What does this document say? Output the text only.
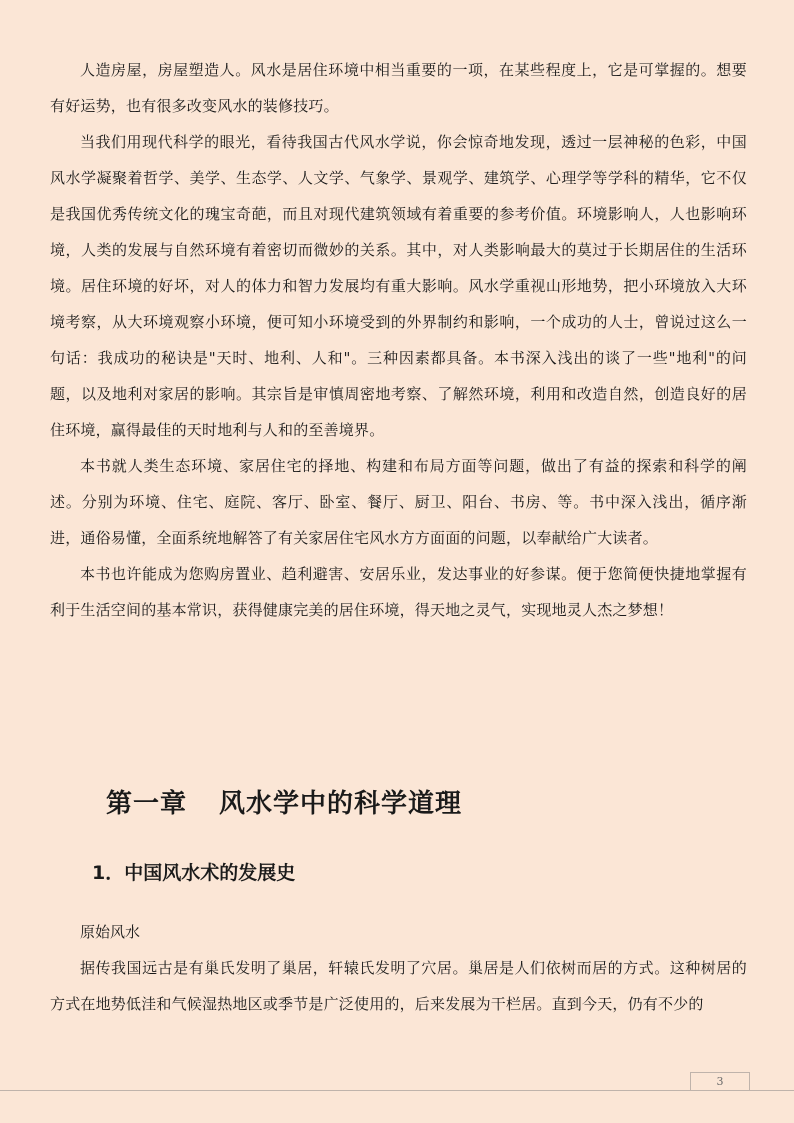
人造房屋，房屋塑造人。风水是居住环境中相当重要的一项，在某些程度上，它是可掌握的。想要有好运势，也有很多改变风水的装修技巧。

当我们用现代科学的眼光，看待我国古代风水学说，你会惊奇地发现，透过一层神秘的色彩，中国风水学凝聚着哲学、美学、生态学、人文学、气象学、景观学、建筑学、心理学等学科的精华，它不仅是我国优秀传统文化的瑰宝奇葩，而且对现代建筑领域有着重要的参考价值。环境影响人，人也影响环境，人类的发展与自然环境有着密切而微妙的关系。其中，对人类影响最大的莫过于长期居住的生活环境。居住环境的好坏，对人的体力和智力发展均有重大影响。风水学重视山形地势，把小环境放入大环境考察，从大环境观察小环境，便可知小环境受到的外界制约和影响，一个成功的人士，曾说过这么一句话：我成功的秘诀是"天时、地利、人和"。三种因素都具备。本书深入浅出的谈了一些"地利"的问题，以及地利对家居的影响。其宗旨是审慎周密地考察、了解然环境，利用和改造自然，创造良好的居住环境，赢得最佳的天时地利与人和的至善境界。

本书就人类生态环境、家居住宅的择地、构建和布局方面等问题，做出了有益的探索和科学的阐述。分别为环境、住宅、庭院、客厅、卧室、餐厅、厨卫、阳台、书房、等。书中深入浅出，循序渐进，通俗易懂，全面系统地解答了有关家居住宅风水方方面面的问题，以奉献给广大读者。

本书也许能成为您购房置业、趋利避害、安居乐业，发达事业的好参谋。便于您简便快捷地掌握有利于生活空间的基本常识，获得健康完美的居住环境，得天地之灵气，实现地灵人杰之梦想！

第一章 风水学中的科学道理
1．中国风水术的发展史

原始风水

据传我国远古是有巢氏发明了巢居，轩辕氏发明了穴居。巢居是人们依树而居的方式。这种树居的方式在地势低洼和气候湿热地区或季节是广泛使用的，后来发展为干栏居。直到今天，仍有不少的

3
